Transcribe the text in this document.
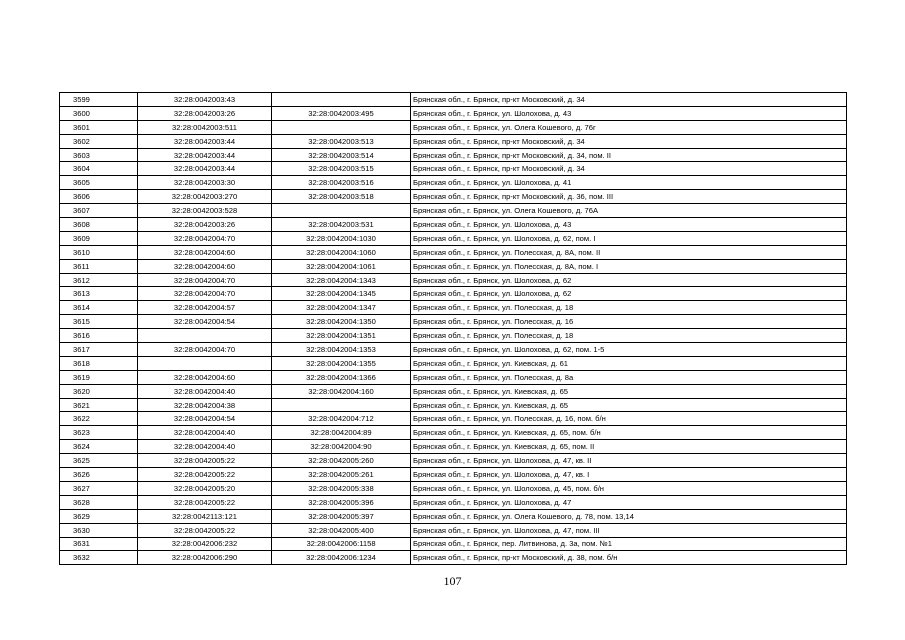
3599	32:28:0042003:43		Брянская обл., г. Брянск, пр-кт Московский, д. 34
3600	32:28:0042003:26	32:28:0042003:495	Брянская обл., г. Брянск, ул. Шолохова, д. 43
3601	32:28:0042003:511		Брянская обл., г. Брянск, ул. Олега Кошевого, д. 76г
3602	32:28:0042003:44	32:28:0042003:513	Брянская обл., г. Брянск, пр-кт Московский, д. 34
3603	32:28:0042003:44	32:28:0042003:514	Брянская обл., г. Брянск, пр-кт Московский, д. 34, пом. II
3604	32:28:0042003:44	32:28:0042003:515	Брянская обл., г. Брянск, пр-кт Московский, д. 34
3605	32:28:0042003:30	32:28:0042003:516	Брянская обл., г. Брянск, ул. Шолохова, д. 41
3606	32:28:0042003:270	32:28:0042003:518	Брянская обл., г. Брянск, пр-кт Московский, д. 36, пом. III
3607	32:28:0042003:528		Брянская обл., г. Брянск, ул. Олега Кошевого, д. 76А
3608	32:28:0042003:26	32:28:0042003:531	Брянская обл., г. Брянск, ул. Шолохова, д. 43
3609	32:28:0042004:70	32:28:0042004:1030	Брянская обл., г. Брянск, ул. Шолохова, д. 62, пом. I
3610	32:28:0042004:60	32:28:0042004:1060	Брянская обл., г. Брянск, ул. Полесская, д. 8А, пом. II
3611	32:28:0042004:60	32:28:0042004:1061	Брянская обл., г. Брянск, ул. Полесская, д. 8А, пом. I
3612	32:28:0042004:70	32:28:0042004:1343	Брянская обл., г. Брянск, ул. Шолохова, д. 62
3613	32:28:0042004:70	32:28:0042004:1345	Брянская обл., г. Брянск, ул. Шолохова, д. 62
3614	32:28:0042004:57	32:28:0042004:1347	Брянская обл., г. Брянск, ул. Полесская, д. 18
3615	32:28:0042004:54	32:28:0042004:1350	Брянская обл., г. Брянск, ул. Полесская, д. 16
3616		32:28:0042004:1351	Брянская обл., г. Брянск, ул. Полесская, д. 18
3617	32:28:0042004:70	32:28:0042004:1353	Брянская обл., г. Брянск, ул. Шолохова, д. 62, пом. 1-5
3618		32:28:0042004:1355	Брянская обл., г. Брянск, ул. Киевская, д. 61
3619	32:28:0042004:60	32:28:0042004:1366	Брянская обл., г. Брянск, ул. Полесская, д. 8а
3620	32:28:0042004:40	32:28:0042004:160	Брянская обл., г. Брянск, ул. Киевская, д. 65
3621	32:28:0042004:38		Брянская обл., г. Брянск, ул. Киевская, д. 65
3622	32:28:0042004:54	32:28:0042004:712	Брянская обл., г. Брянск, ул. Полесская, д. 16, пом. б/н
3623	32:28:0042004:40	32:28:0042004:89	Брянская обл., г. Брянск, ул. Киевская, д. 65, пом. б/н
3624	32:28:0042004:40	32:28:0042004:90	Брянская обл., г. Брянск, ул. Киевская, д. 65, пом. II
3625	32:28:0042005:22	32:28:0042005:260	Брянская обл., г. Брянск, ул. Шолохова, д. 47, кв. II
3626	32:28:0042005:22	32:28:0042005:261	Брянская обл., г. Брянск, ул. Шолохова, д. 47, кв. I
3627	32:28:0042005:20	32:28:0042005:338	Брянская обл., г. Брянск, ул. Шолохова, д. 45, пом. б/н
3628	32:28:0042005:22	32:28:0042005:396	Брянская обл., г. Брянск, ул. Шолохова, д. 47
3629	32:28:0042113:121	32:28:0042005:397	Брянская обл., г. Брянск, ул. Олега Кошевого, д. 78, пом. 13,14
3630	32:28:0042005:22	32:28:0042005:400	Брянская обл., г. Брянск, ул. Шолохова, д. 47, пом. III
3631	32:28:0042006:232	32:28:0042006:1158	Брянская обл., г. Брянск, пер. Литвинова, д. 3а, пом. №1
3632	32:28:0042006:290	32:28:0042006:1234	Брянская обл., г. Брянск, пр-кт Московский, д. 38, пом. б/н
107
